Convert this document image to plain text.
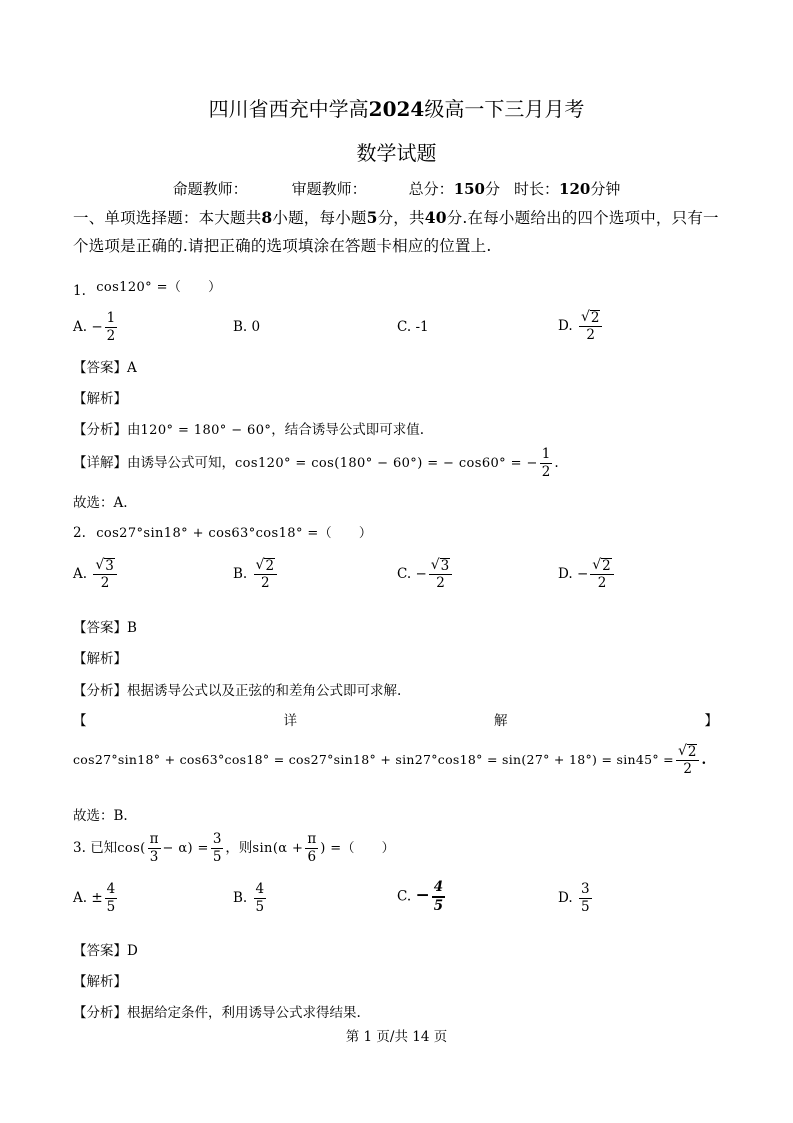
四川省西充中学高2024级高一下三月月考
数学试题
命题教师：	审题教师：	总分：150分 时长：120分钟
一、单项选择题：本大题共8小题，每小题5分，共40分.在每小题给出的四个选项中，只有一个选项是正确的.请把正确的选项填涂在答题卡相应的位置上.
1. cos120° =（　　）
A. − $\frac{1}{2}$	B. 0	C. -1	D. $\frac{√ 2}{2}$
【答案】A
【解析】
【分析】由120° = 180° − 60°，结合诱导公式即可求值.
【详解】由诱导公式可知，cos120° = cos(180° − 60°) = − cos60° = − $\frac{1}{2}$ .
故选：A.
2. cos27°sin18° + cos63°cos18° =（　　）
A. $\frac{√ 3}{2}$	B. $\frac{√ 2}{2}$	C. − $\frac{√ 3}{2}$	D. − $\frac{√ 2}{2}$
【答案】B
【解析】
【分析】根据诱导公式以及正弦的和差角公式即可求解.
【	详	解	】
$\cos 27^\circ\sin 18^\circ + \cos 63^\circ\cos 18^\circ = \cos 27^\circ\sin 18^\circ + \sin 27^\circ\cos 18^\circ = \sin(27^\circ + 18^\circ) = \sin 45^\circ = \frac{√ 2}{2}$ .
故选：B.
3. 已知$\cos( \frac{\pi}{3} - \alpha) = \frac{3}{5}$ ，则$\sin(\alpha + \frac{\pi}{6}$ ) =（　　）
A. ± $\frac{4}{5}$	B. $\frac{4}{5}$	C. − $\frac{4}{5}$	D. $\frac{3}{5}$
【答案】D
【解析】
【分析】根据给定条件，利用诱导公式求得结果.
第 1 页/共 14 页
